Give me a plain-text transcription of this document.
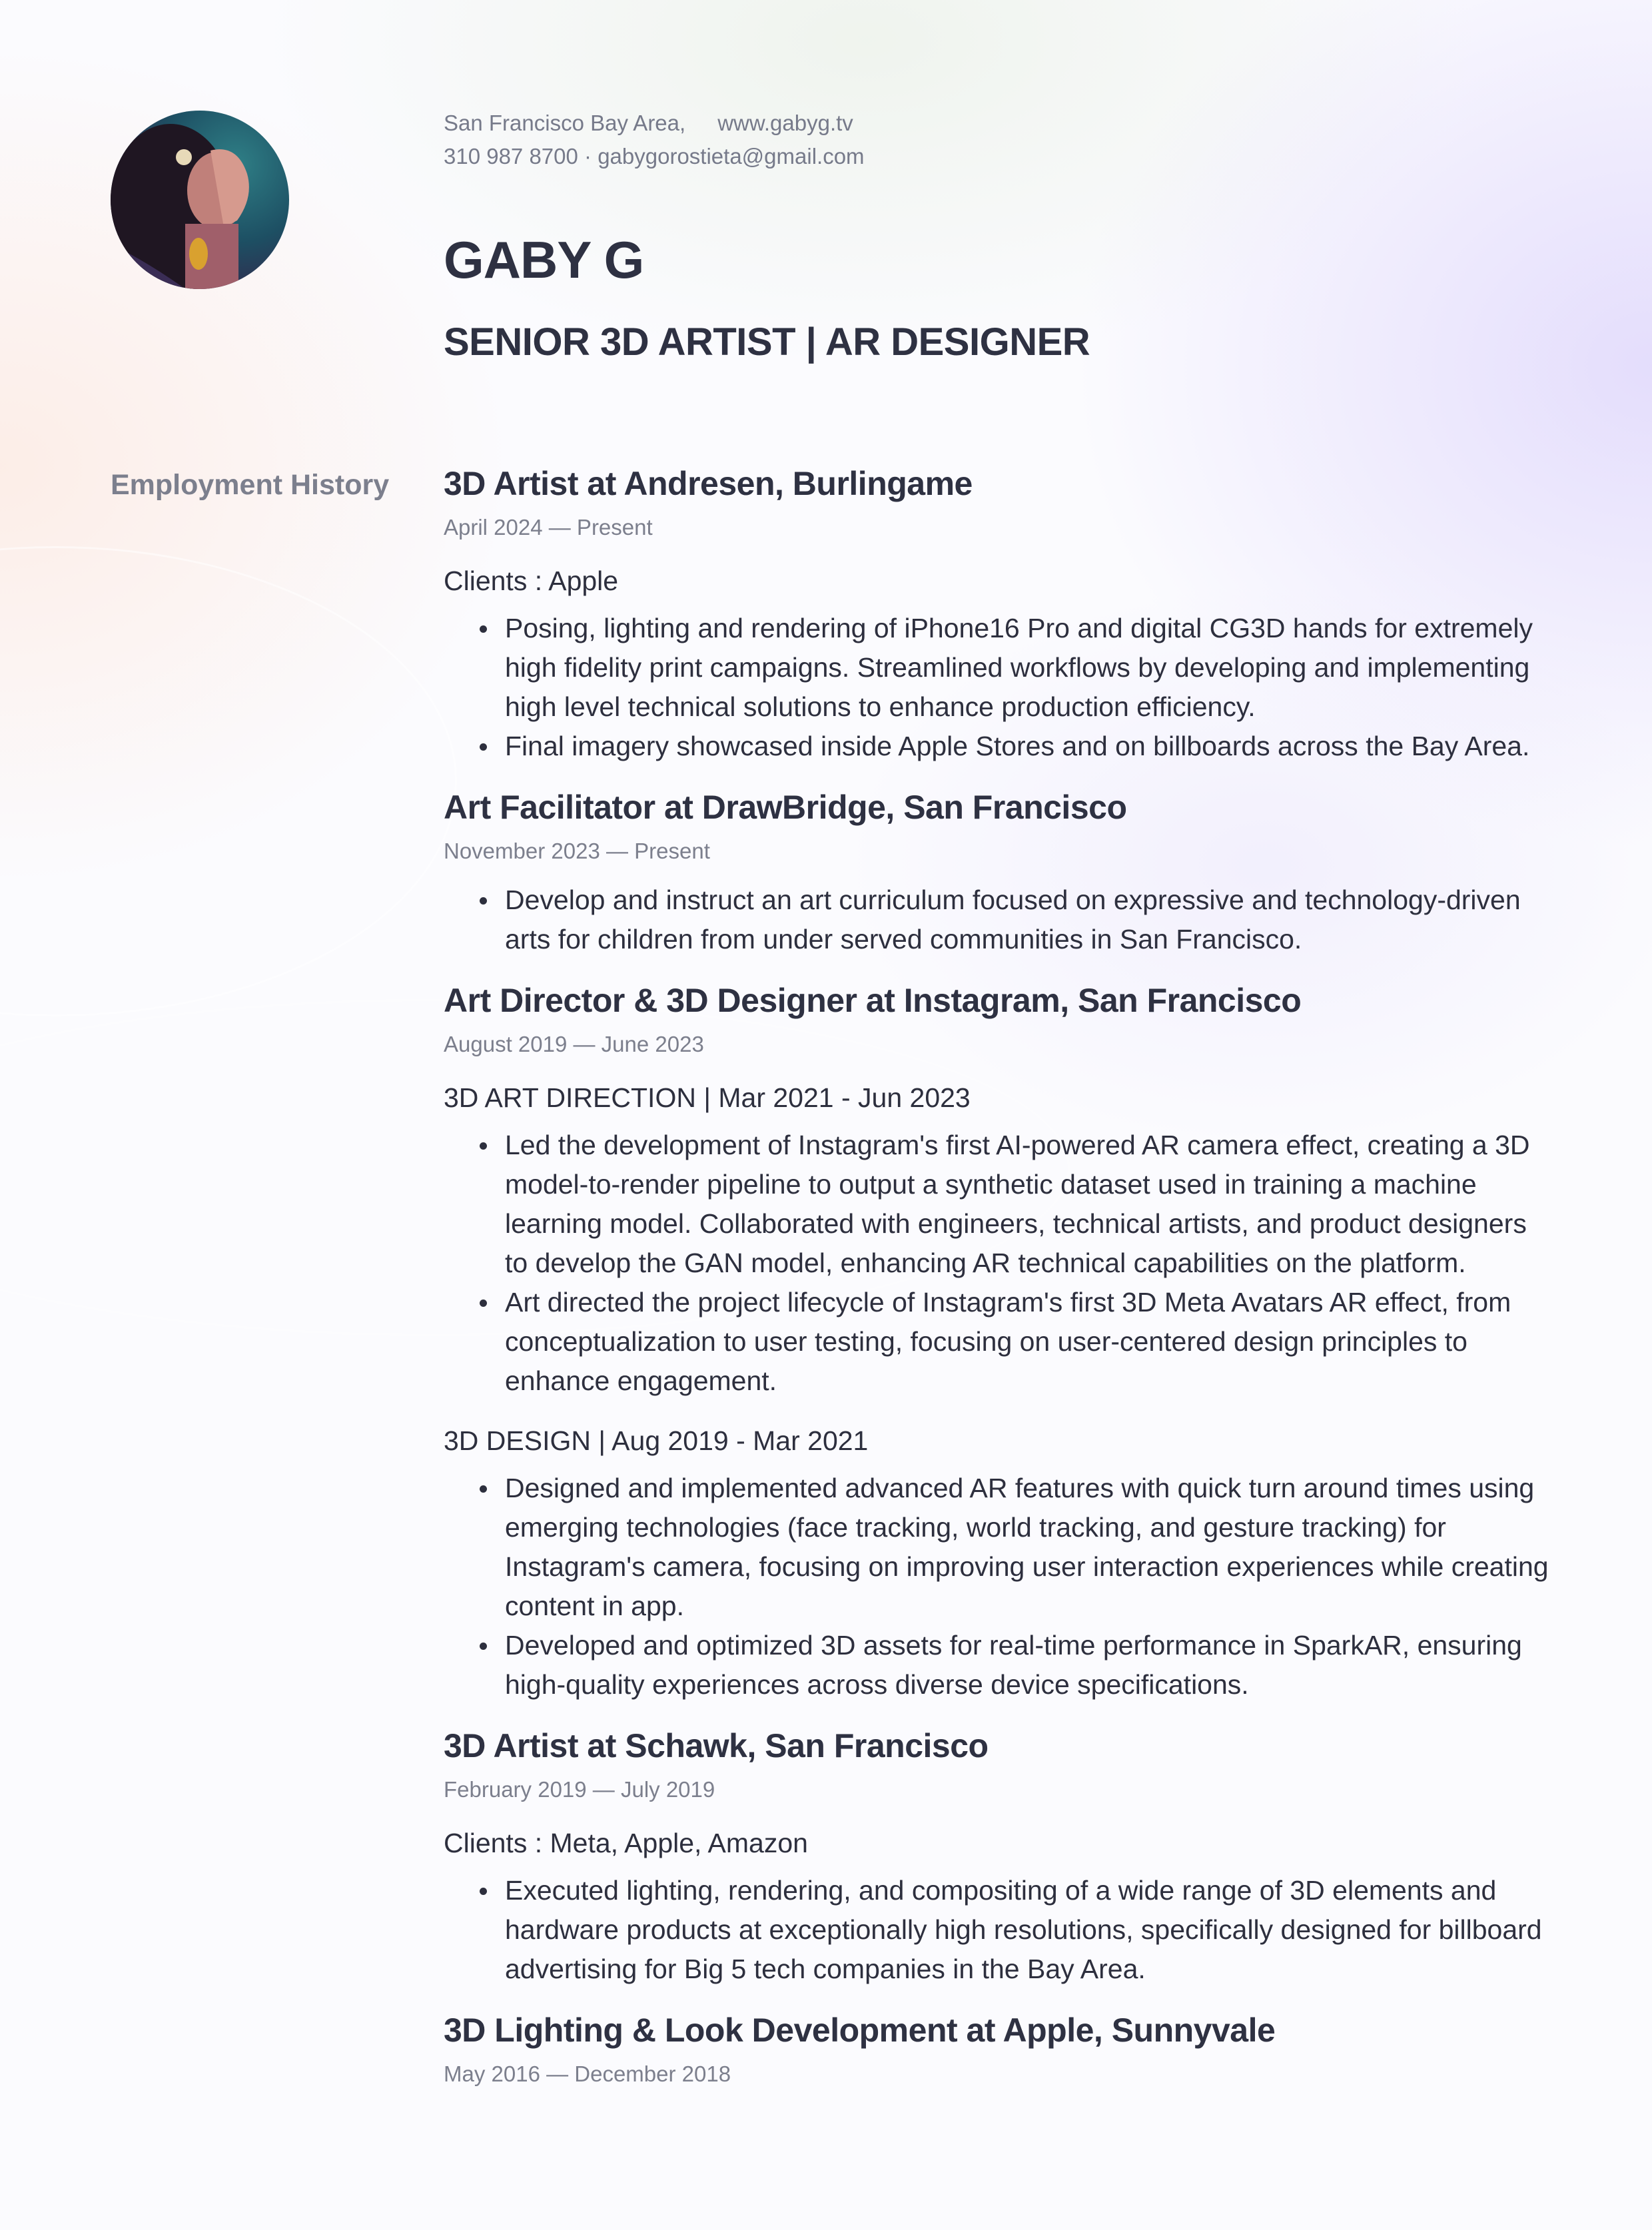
San Francisco Bay Area, www.gabyg.tv
310 987 8700 · gabygorostieta@gmail.com
GABY G
SENIOR 3D ARTIST | AR DESIGNER
Employment History 3D Artist at Andresen, Burlingame

April 2024 — Present

Clients : Apple

Posing, lighting and rendering of iPhone16 Pro and digital CG3D hands for extremely high fidelity print campaigns. Streamlined workflows by developing and implementing high level technical solutions to enhance production efficiency.
Final imagery showcased inside Apple Stores and on billboards across the Bay Area.
Art Facilitator at DrawBridge, San Francisco

November 2023 — Present

Develop and instruct an art curriculum focused on expressive and technology-driven arts for children from under served communities in San Francisco.
Art Director & 3D Designer at Instagram, San Francisco

August 2019 — June 2023

3D ART DIRECTION | Mar 2021 - Jun 2023

Led the development of Instagram's first AI-powered AR camera effect, creating a 3D model-to-render pipeline to output a synthetic dataset used in training a machine learning model. Collaborated with engineers, technical artists, and product designers to develop the GAN model, enhancing AR technical capabilities on the platform.
Art directed the project lifecycle of Instagram's first 3D Meta Avatars AR effect, from conceptualization to user testing, focusing on user-centered design principles to enhance engagement.

3D DESIGN | Aug 2019 - Mar 2021

Designed and implemented advanced AR features with quick turn around times using emerging technologies (face tracking, world tracking, and gesture tracking) for Instagram's camera, focusing on improving user interaction experiences while creating content in app.
Developed and optimized 3D assets for real-time performance in SparkAR, ensuring high-quality experiences across diverse device specifications.
3D Artist at Schawk, San Francisco

February 2019 — July 2019

Clients : Meta, Apple, Amazon

Executed lighting, rendering, and compositing of a wide range of 3D elements and hardware products at exceptionally high resolutions, specifically designed for billboard advertising for Big 5 tech companies in the Bay Area.
3D Lighting & Look Development at Apple, Sunnyvale

May 2016 — December 2018
